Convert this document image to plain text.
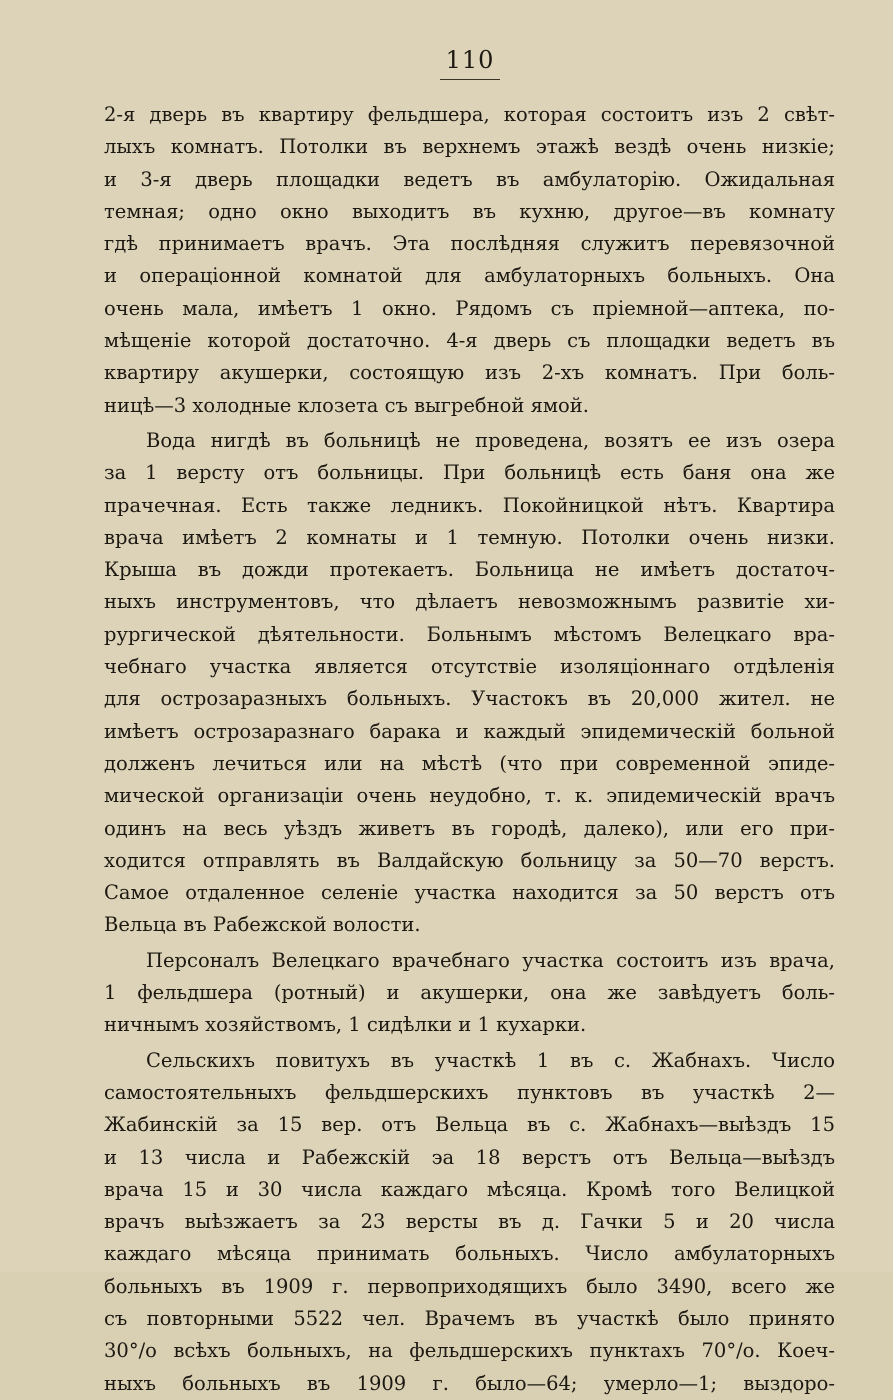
110
2-я дверь въ квартиру фельдшера, которая состоитъ изъ 2 свѣт-
лыхъ комнатъ. Потолки въ верхнемъ этажѣ вездѣ очень низкіе;
и 3-я дверь площадки ведетъ въ амбулаторію. Ожидальная
темная; одно окно выходитъ въ кухню, другое—въ комнату
гдѣ принимаетъ врачъ. Эта послѣдняя служитъ перевязочной
и операціонной комнатой для амбулаторныхъ больныхъ. Она
очень мала, имѣетъ 1 окно. Рядомъ съ пріемной—аптека, по-
мѣщеніе которой достаточно. 4-я дверь съ площадки ведетъ въ
квартиру акушерки, состоящую изъ 2-хъ комнатъ. При боль-
ницѣ—3 холодные клозета съ выгребной ямой.
Вода нигдѣ въ больницѣ не проведена, возятъ ее изъ озера
за 1 версту отъ больницы. При больницѣ есть баня она же
прачечная. Есть также ледникъ. Покойницкой нѣтъ. Квартира
врача имѣетъ 2 комнаты и 1 темную. Потолки очень низки.
Крыша въ дожди протекаетъ. Больница не имѣетъ достаточ-
ныхъ инструментовъ, что дѣлаетъ невозможнымъ развитіе хи-
рургической дѣятельности. Больнымъ мѣстомъ Велецкаго вра-
чебнаго участка является отсутствіе изоляціоннаго отдѣленія
для острозаразныхъ больныхъ. Участокъ въ 20,000 жител. не
имѣетъ острозаразнаго барака и каждый эпидемическій больной
долженъ лечиться или на мѣстѣ (что при современной эпиде-
мической организаціи очень неудобно, т. к. эпидемическій врачъ
одинъ на весь уѣздъ живетъ въ городѣ, далеко), или его при-
ходится отправлять въ Валдайскую больницу за 50—70 верстъ.
Самое отдаленное селеніе участка находится за 50 верстъ отъ
Вельца въ Рабежской волости.
Персоналъ Велецкаго врачебнаго участка состоитъ изъ врача,
1 фельдшера (ротный) и акушерки, она же завѣдуетъ боль-
ничнымъ хозяйствомъ, 1 сидѣлки и 1 кухарки.
Сельскихъ повитухъ въ участкѣ 1 въ с. Жабнахъ. Число
самостоятельныхъ фельдшерскихъ пунктовъ въ участкѣ 2—
Жабинскій за 15 вер. отъ Вельца въ с. Жабнахъ—выѣздъ 15
и 13 числа и Рабежскій эа 18 верстъ отъ Вельца—выѣздъ
врача 15 и 30 числа каждаго мѣсяца. Кромѣ того Велицкой
врачъ выѣзжаетъ за 23 версты въ д. Гачки 5 и 20 числа
каждаго мѣсяца принимать больныхъ. Число амбулаторныхъ
больныхъ въ 1909 г. первоприходящихъ было 3490, всего же
съ повторными 5522 чел. Врачемъ въ участкѣ было принято
30°/о всѣхъ больныхъ, на фельдшерскихъ пунктахъ 70°/о. Коеч-
ныхъ больныхъ въ 1909 г. было—64; умерло—1; выздоро-
